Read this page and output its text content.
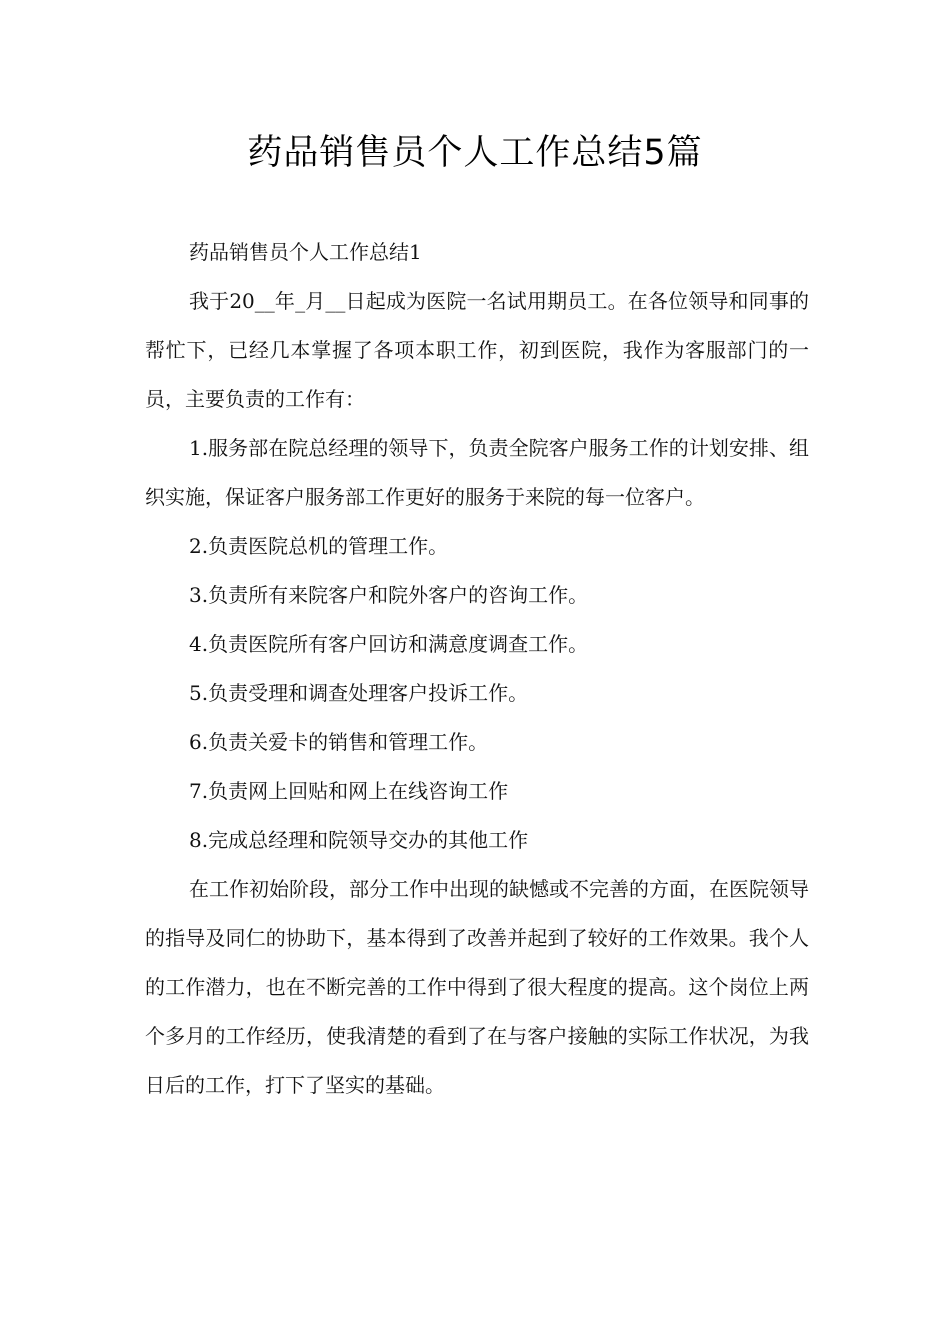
药品销售员个人工作总结5篇

药品销售员个人工作总结1

我于20__年_月__日起成为医院一名试用期员工。在各位领导和同事的帮忙下，已经几本掌握了各项本职工作，初到医院，我作为客服部门的一员，主要负责的工作有：

1.服务部在院总经理的领导下，负责全院客户服务工作的计划安排、组织实施，保证客户服务部工作更好的服务于来院的每一位客户。

2.负责医院总机的管理工作。

3.负责所有来院客户和院外客户的咨询工作。

4.负责医院所有客户回访和满意度调查工作。

5.负责受理和调查处理客户投诉工作。

6.负责关爱卡的销售和管理工作。

7.负责网上回贴和网上在线咨询工作

8.完成总经理和院领导交办的其他工作

在工作初始阶段，部分工作中出现的缺憾或不完善的方面，在医院领导的指导及同仁的协助下，基本得到了改善并起到了较好的工作效果。我个人的工作潜力，也在不断完善的工作中得到了很大程度的提高。这个岗位上两个多月的工作经历，使我清楚的看到了在与客户接触的实际工作状况，为我日后的工作，打下了坚实的基础。
